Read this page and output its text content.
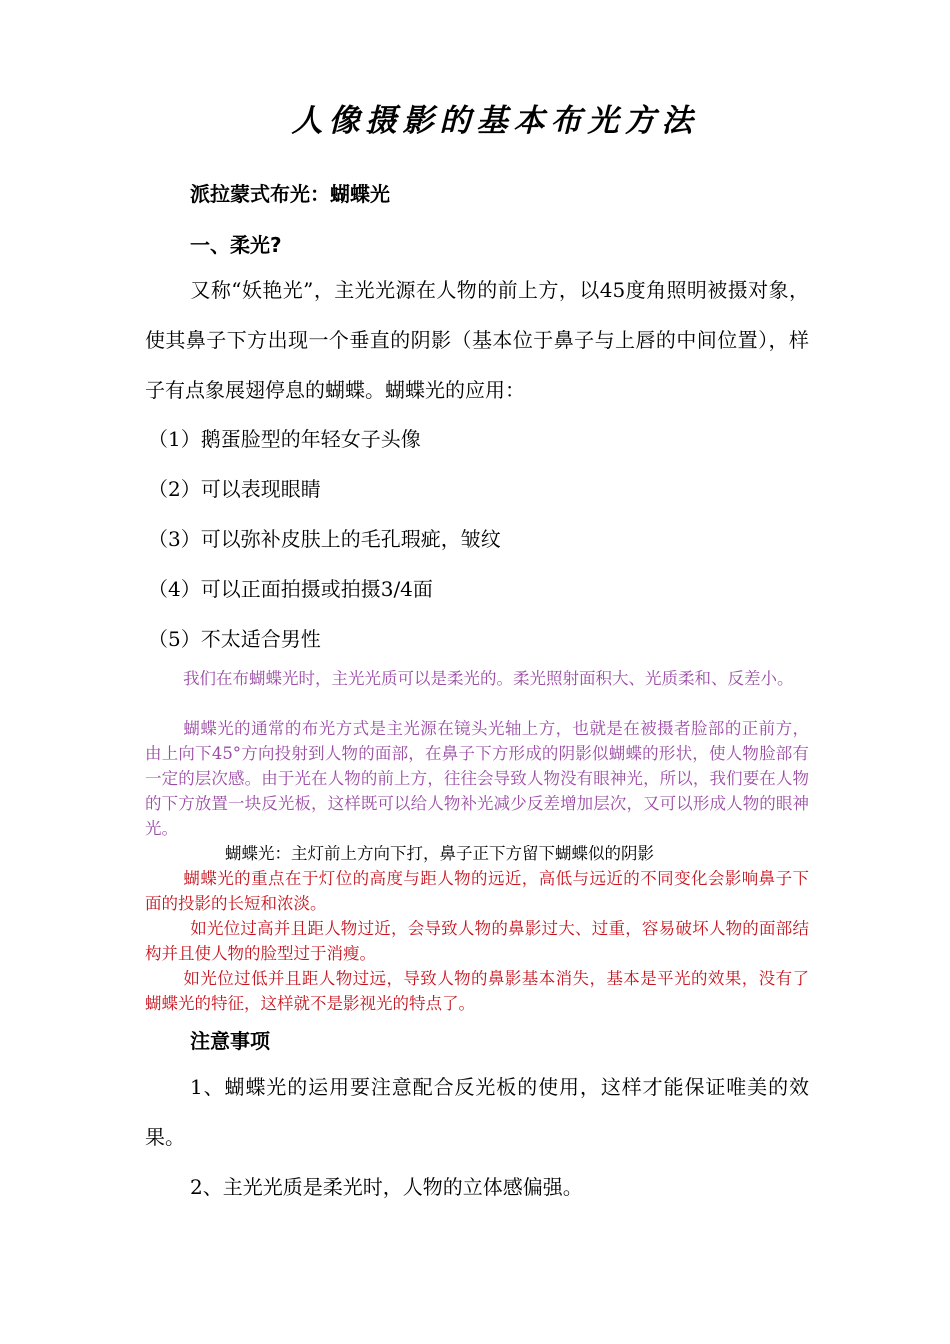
人像摄影的基本布光方法
派拉蒙式布光：蝴蝶光
一、柔光?
又称“妖艳光”，主光光源在人物的前上方，以45度角照明被摄对象，使其鼻子下方出现一个垂直的阴影（基本位于鼻子与上唇的中间位置），样子有点象展翅停息的蝴蝶。蝴蝶光的应用：
（1）鹅蛋脸型的年轻女子头像
（2）可以表现眼睛
（3）可以弥补皮肤上的毛孔瑕疵，皱纹
（4）可以正面拍摄或拍摄3/4面
（5）不太适合男性
我们在布蝴蝶光时，主光光质可以是柔光的。柔光照射面积大、光质柔和、反差小。
蝴蝶光的通常的布光方式是主光源在镜头光轴上方，也就是在被摄者脸部的正前方，由上向下45°方向投射到人物的面部，在鼻子下方形成的阴影似蝴蝶的形状，使人物脸部有一定的层次感。由于光在人物的前上方，往往会导致人物没有眼神光，所以，我们要在人物的下方放置一块反光板，这样既可以给人物补光减少反差增加层次，又可以形成人物的眼神光。
蝴蝶光：主灯前上方向下打，鼻子正下方留下蝴蝶似的阴影
蝴蝶光的重点在于灯位的高度与距人物的远近，高低与远近的不同变化会影响鼻子下面的投影的长短和浓淡。
如光位过高并且距人物过近，会导致人物的鼻影过大、过重，容易破坏人物的面部结构并且使人物的脸型过于消瘦。
如光位过低并且距人物过远，导致人物的鼻影基本消失，基本是平光的效果，没有了蝴蝶光的特征，这样就不是影视光的特点了。
注意事项
1、蝴蝶光的运用要注意配合反光板的使用，这样才能保证唯美的效果。
2、主光光质是柔光时，人物的立体感偏强。
